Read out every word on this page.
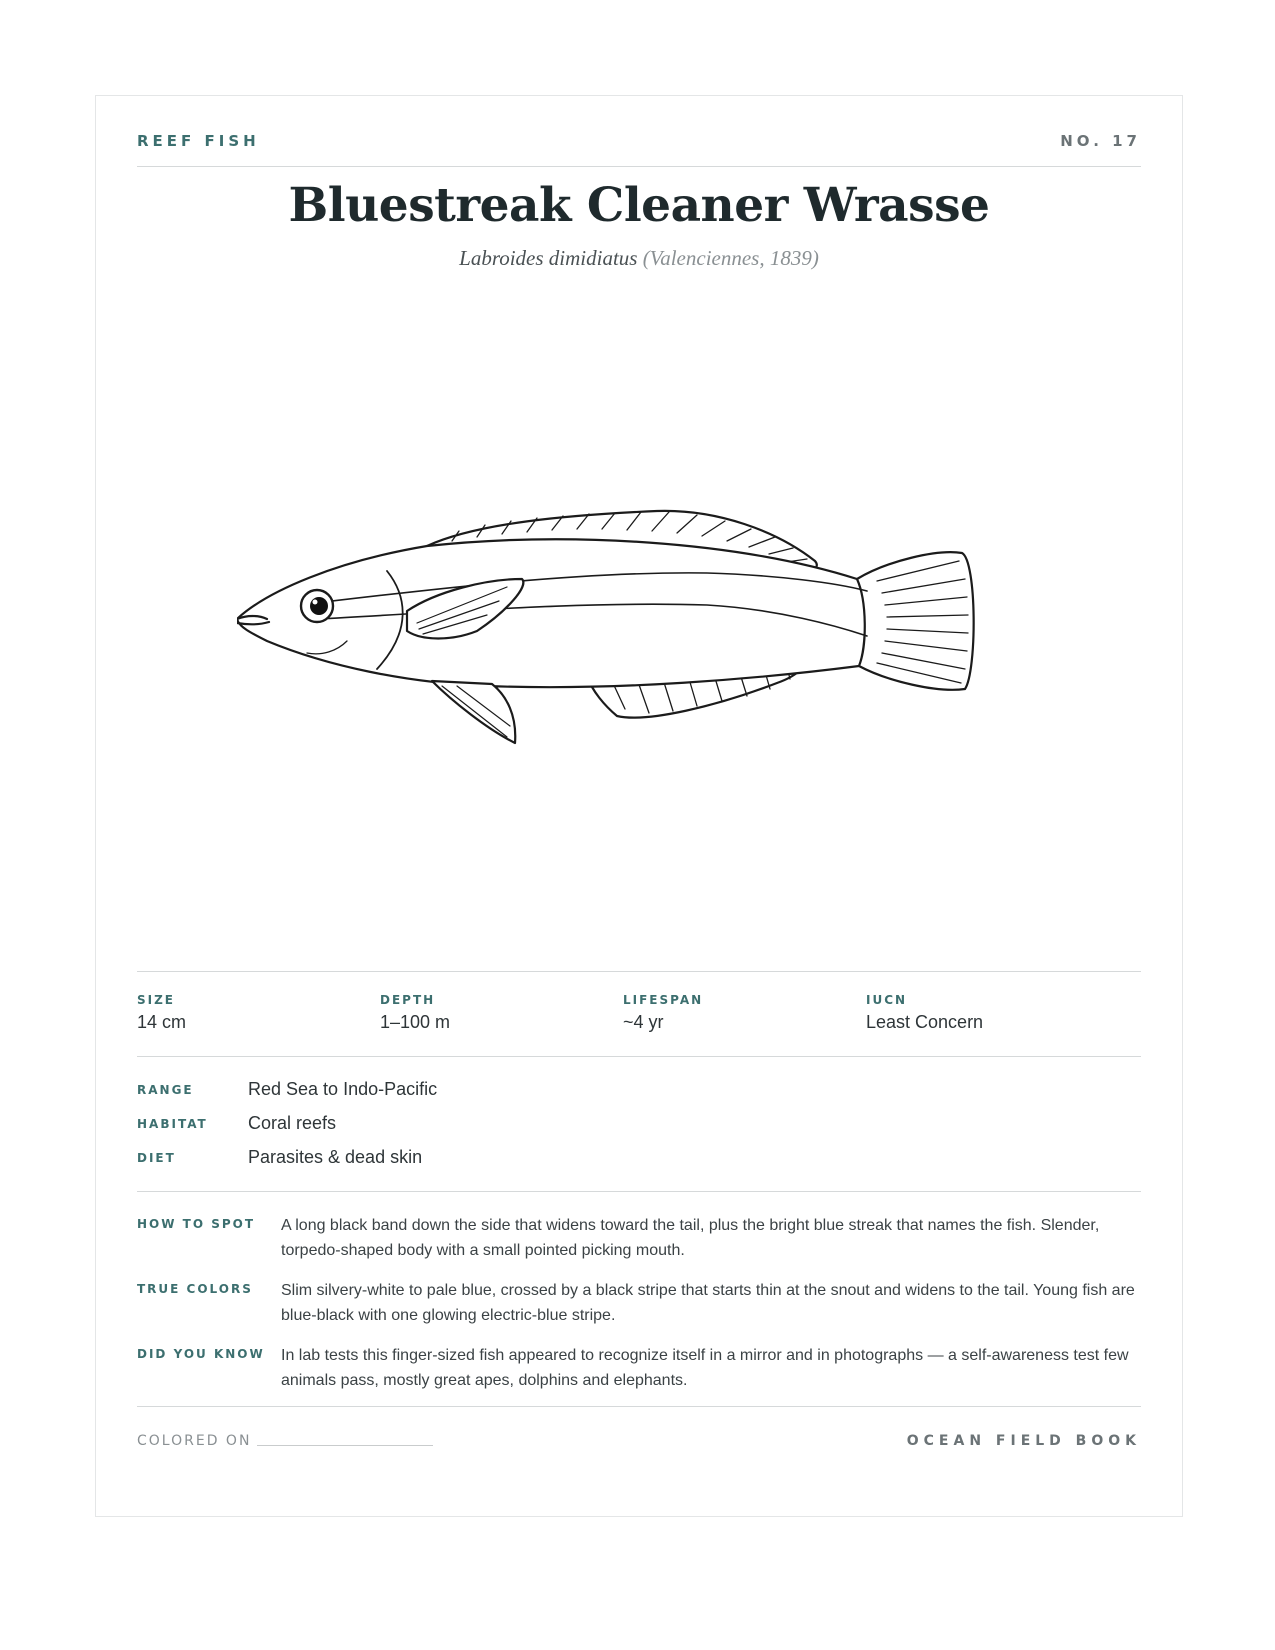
REEF FISH	NO. 17
Bluestreak Cleaner Wrasse
Labroides dimidiatus (Valenciennes, 1839)
SIZE
14 cm
DEPTH
1–100 m
LIFESPAN
~4 yr
IUCN
Least Concern
RANGE	Red Sea to Indo-Pacific
HABITAT Coral reefs
DIET	Parasites & dead skin
HOW TO SPOT A long black band down the side that widens toward the tail, plus the bright blue streak that names the fish. Slender, torpedo-shaped body with a small pointed picking mouth.

TRUE COLORS Slim silvery-white to pale blue, crossed by a black stripe that starts thin at the snout and widens to the tail. Young fish are blue-black with one glowing electric-blue stripe.

DID YOU KNOW In lab tests this finger-sized fish appeared to recognize itself in a mirror and in photographs — a self-awareness test few animals pass, mostly great apes, dolphins and elephants.

COLORED ON	OCEAN FIELD BOOK
